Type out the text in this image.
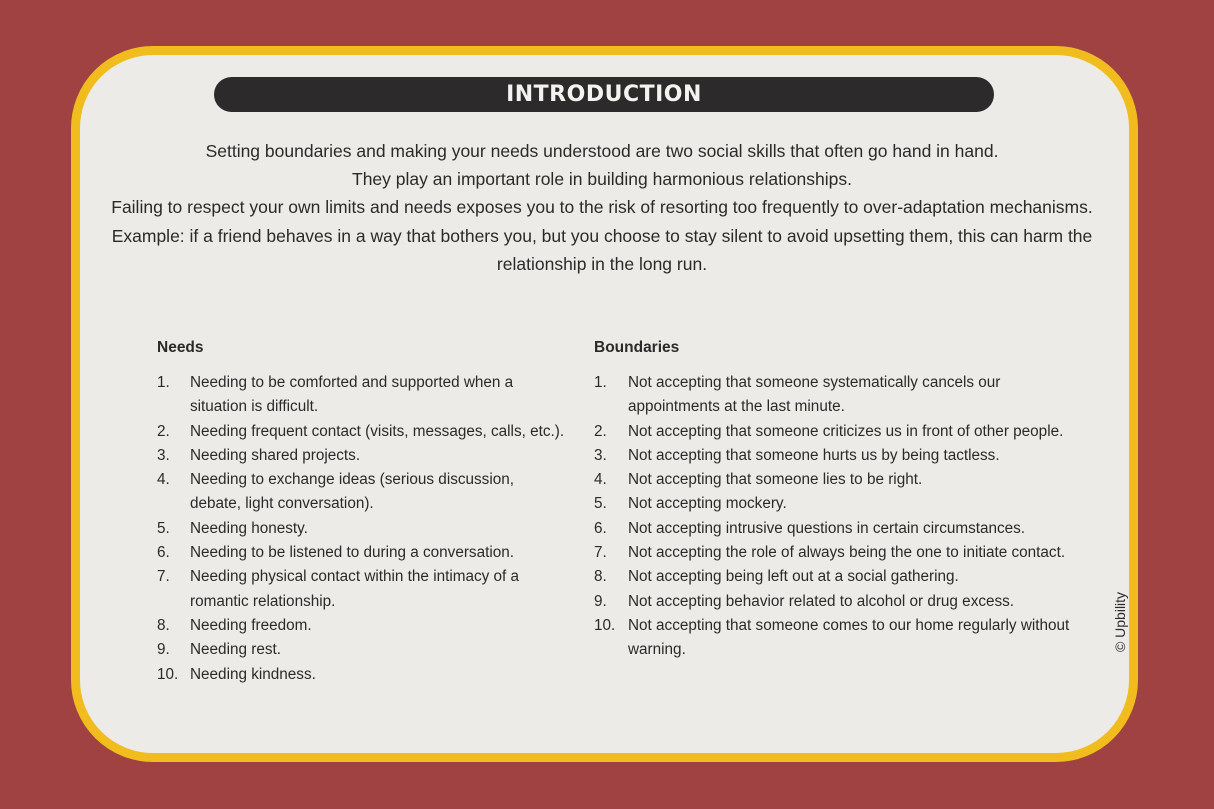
INTRODUCTION

Setting boundaries and making your needs understood are two social skills that often go hand in hand.

They play an important role in building harmonious relationships.

Failing to respect your own limits and needs exposes you to the risk of resorting too frequently to over-adaptation mechanisms.

Example: if a friend behaves in a way that bothers you, but you choose to stay silent to avoid upsetting them, this can harm the relationship in the long run.

Needs
1.	Needing to be comforted and supported when a situation is difficult.
2.	Needing frequent contact (visits, messages, calls, etc.).
3.	Needing shared projects.
4.	Needing to exchange ideas (serious discussion, debate, light conversation).
5.	Needing honesty.
6.	Needing to be listened to during a conversation.
7.	Needing physical contact within the intimacy of a romantic relationship.
8.	Needing freedom.
9.	Needing rest.
10. Needing kindness.
Boundaries
1.	Not accepting that someone systematically cancels our appointments at the last minute.
2.	Not accepting that someone criticizes us in front of other people.
3.	Not accepting that someone hurts us by being tactless.
4.	Not accepting that someone lies to be right.
5.	Not accepting mockery.
6.	Not accepting intrusive questions in certain circumstances.
7.	Not accepting the role of always being the one to initiate contact.
8.	Not accepting being left out at a social gathering.
9.	Not accepting behavior related to alcohol or drug excess.
10. Not accepting that someone comes to our home regularly without warning.	© Upbility
